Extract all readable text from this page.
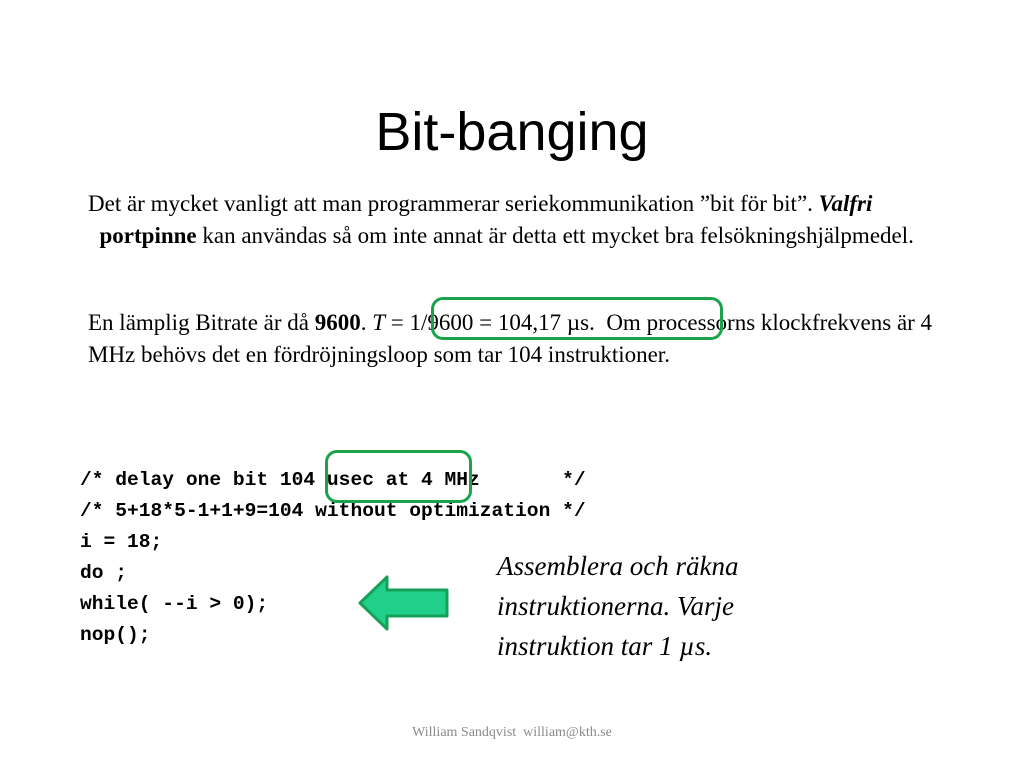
Bit-banging
Det är mycket vanligt att man programmerar seriekommunikation ”bit för bit”. Valfri  portpinne kan användas så om inte annat är detta ett mycket bra felsökningshjälpmedel.
En lämplig Bitrate är då 9600. T = 1/9600 = 104,17 µs.  Om processorns klockfrekvens är 4 MHz behövs det en fördröjningsloop som tar 104 instruktioner.
/* delay one bit 104 usec at 4 MHz       */
/* 5+18*5-1+1+9=104 without optimization */
i = 18;
do ;
while( --i > 0);
nop();
Assemblera och räkna instruktionerna. Varje instruktion tar 1 µs.
William Sandqvist  william@kth.se
